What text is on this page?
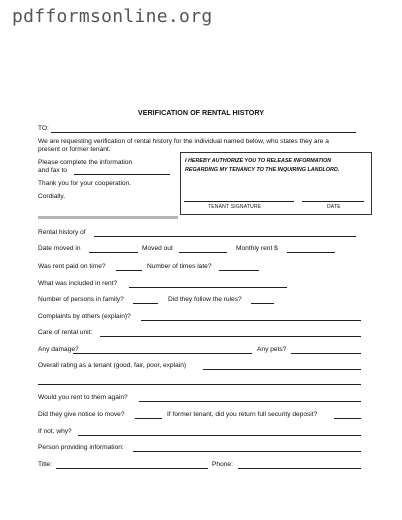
pdfformsonline.org
VERIFICATION OF RENTAL HISTORY
TO:
We are requesting verification of rental history for the individual named below, who states they are a
present or former tenant.
Please complete the information
and fax to
Thank you for your cooperation.
Cordially,
I HEREBY AUTHORIZE YOU TO RELEASE INFORMATION
REGARDING MY TENANCY TO THE INQUIRING LANDLORD.
TENANT SIGNATURE	DATE
Rental history of
Date moved in	Moved out	Monthly rent $
Was rent paid on time?	Number of times late?
What was included in rent?
Number of persons in family?	Did they follow the rules?
Complaints by others (explain)?
Care of rental unit:
Any damage?	Any pets?
Overall rating as a tenant (good, fair, poor, explain)
Would you rent to them again?
Did they give notice to move?	If former tenant, did you return full security deposit?
If not, why?
Person providing information:
Title:	Phone:
